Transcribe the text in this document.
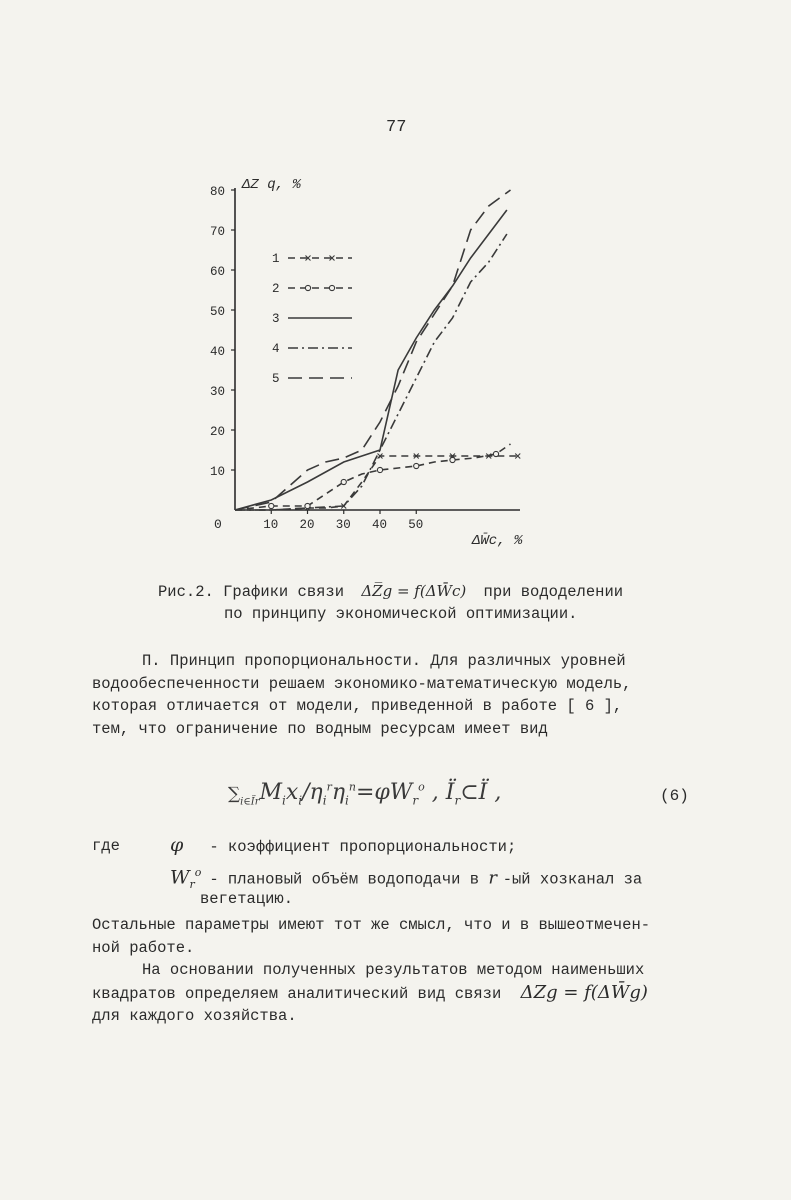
77
10
20
30
40
50
60
70
80
10 20 30 40 50
0
ΔZ q, %
ΔW̄c, %
1
2
3
4
5
Рис.2. Графики связи ΔZ̅g = f(ΔW̄c) при вододелении
по принципу экономической оптимизации.
П. Принцип пропорциональности. Для различных уровней
водообеспеченности решаем экономико-математическую модель,
которая отличается от модели, приведенной в работе [ 6 ],
тем, что ограничение по водным ресурсам имеет вид
$\sum_{i\in Їr}M_ix_i/\eta_i^r\eta_i^n=\varphi W_r^o$ , $Ї_r\subset Ї$ ,	(6)
где	φ - коэффициент пропорциональности;
$W_r^o$ - плановый объём водоподачи в r -ый хозканал за
вегетацию.
Остальные параметры имеют тот же смысл, что и в вышеотмечен-
ной работе.
На основании полученных результатов методом наименьших
квадратов определяем аналитический вид связи ΔZg = f(ΔW̄g)
для каждого хозяйства.
